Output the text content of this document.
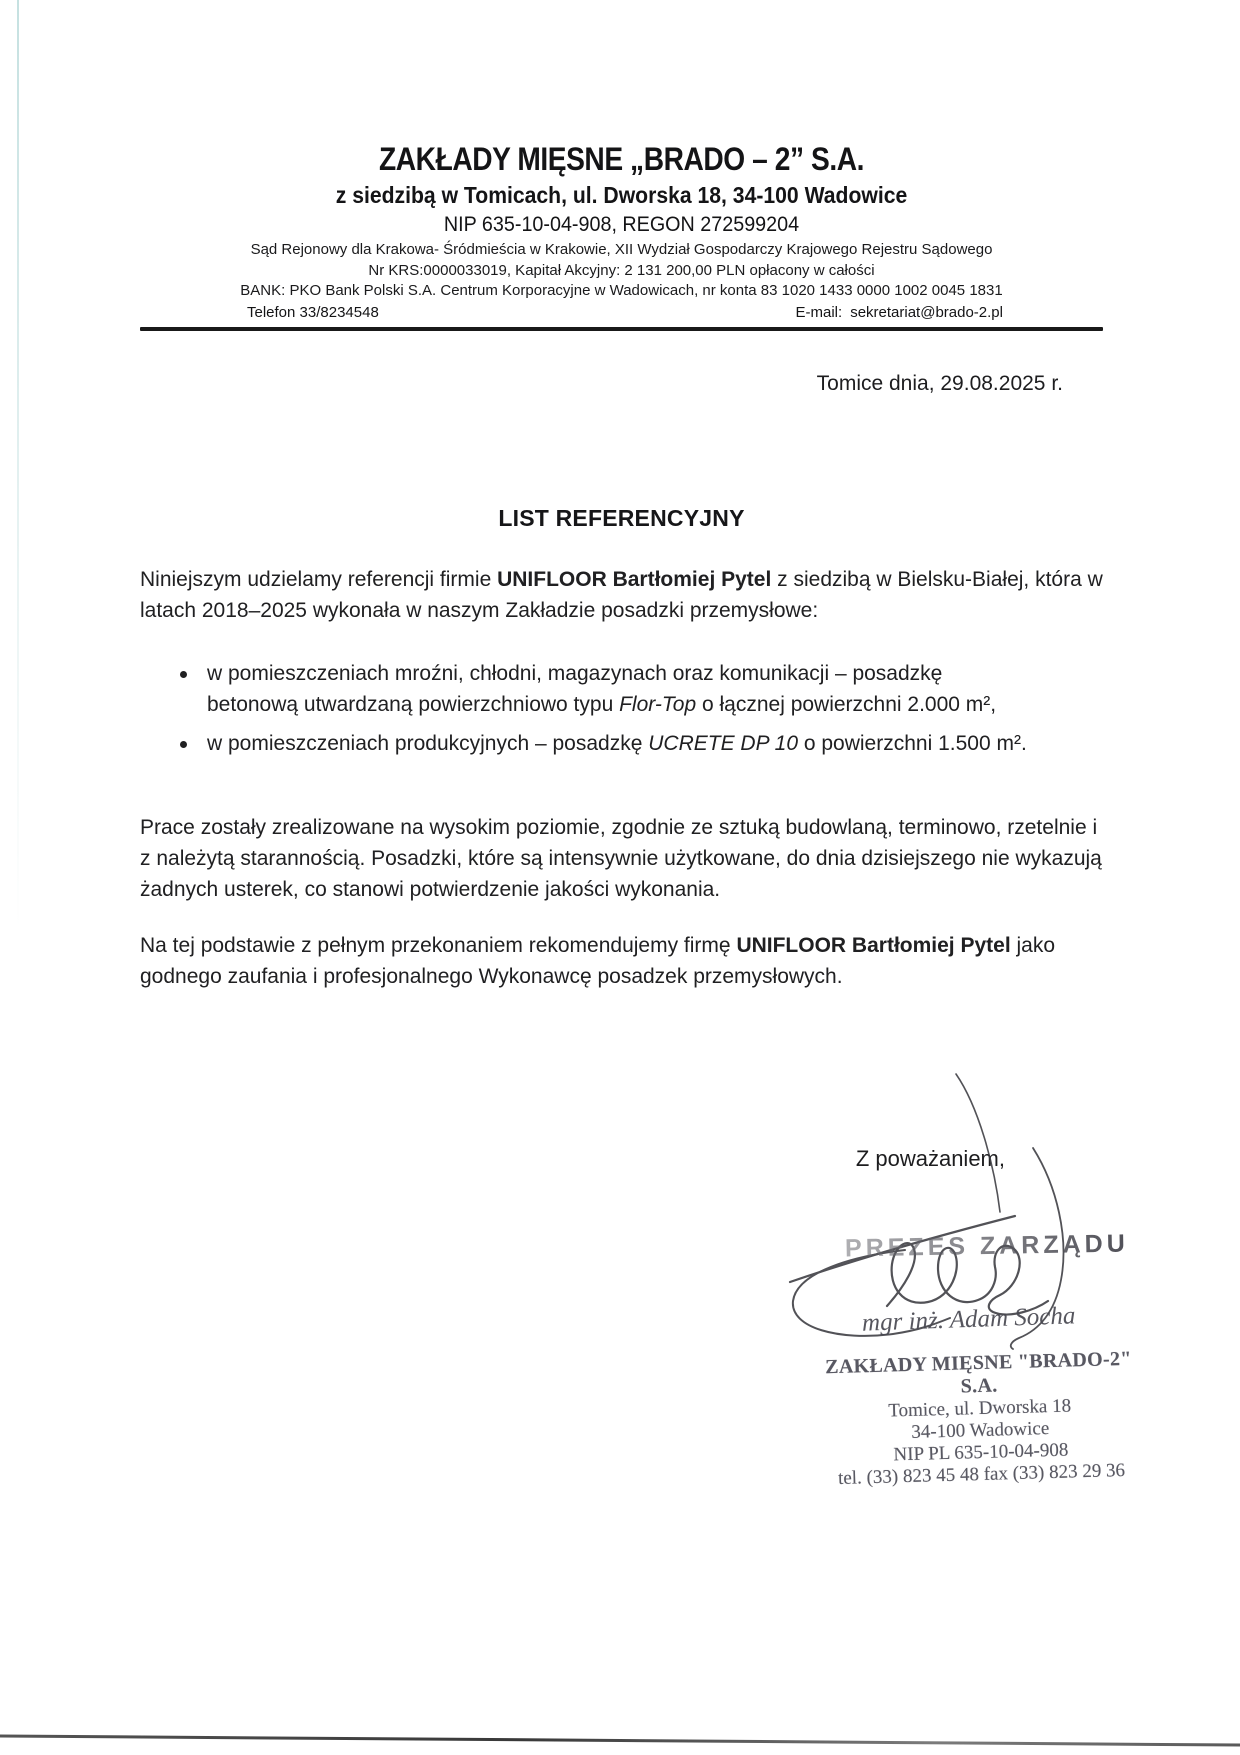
ZAKŁADY MIĘSNE „BRADO – 2” S.A.
z siedzibą w Tomicach, ul. Dworska 18, 34-100 Wadowice
NIP 635-10-04-908, REGON 272599204
Sąd Rejonowy dla Krakowa- Śródmieścia w Krakowie, XII Wydział Gospodarczy Krajowego Rejestru Sądowego
Nr KRS:0000033019, Kapitał Akcyjny: 2 131 200,00 PLN opłacony w całości
BANK: PKO Bank Polski S.A. Centrum Korporacyjne w Wadowicach, nr konta 83 1020 1433 0000 1002 0045 1831
Telefon 33/8234548	E-mail: sekretariat@brado-2.pl
Tomice dnia, 29.08.2025 r.
LIST REFERENCYJNY

Niniejszym udzielamy referencji firmie UNIFLOOR Bartłomiej Pytel z siedzibą w Bielsku-Białej, która w latach 2018–2025 wykonała w naszym Zakładzie posadzki przemysłowe:

w pomieszczeniach mroźni, chłodni, magazynach oraz komunikacji – posadzkę betonową utwardzaną powierzchniowo typu Flor-Top o łącznej powierzchni 2.000 m²,
w pomieszczeniach produkcyjnych – posadzkę UCRETE DP 10 o powierzchni 1.500 m².

Prace zostały zrealizowane na wysokim poziomie, zgodnie ze sztuką budowlaną, terminowo, rzetelnie i z należytą starannością. Posadzki, które są intensywnie użytkowane, do dnia dzisiejszego nie wykazują żadnych usterek, co stanowi potwierdzenie jakości wykonania.

Na tej podstawie z pełnym przekonaniem rekomendujemy firmę UNIFLOOR Bartłomiej Pytel jako godnego zaufania i profesjonalnego Wykonawcę posadzek przemysłowych.

Z poważaniem,
PREZES ZARZĄDU
mgr inż. Adam Socha
ZAKŁADY MIĘSNE "BRADO-2" S.A.
Tomice, ul. Dworska 18
34-100 Wadowice
NIP PL 635-10-04-908
tel. (33) 823 45 48 fax (33) 823 29 36
